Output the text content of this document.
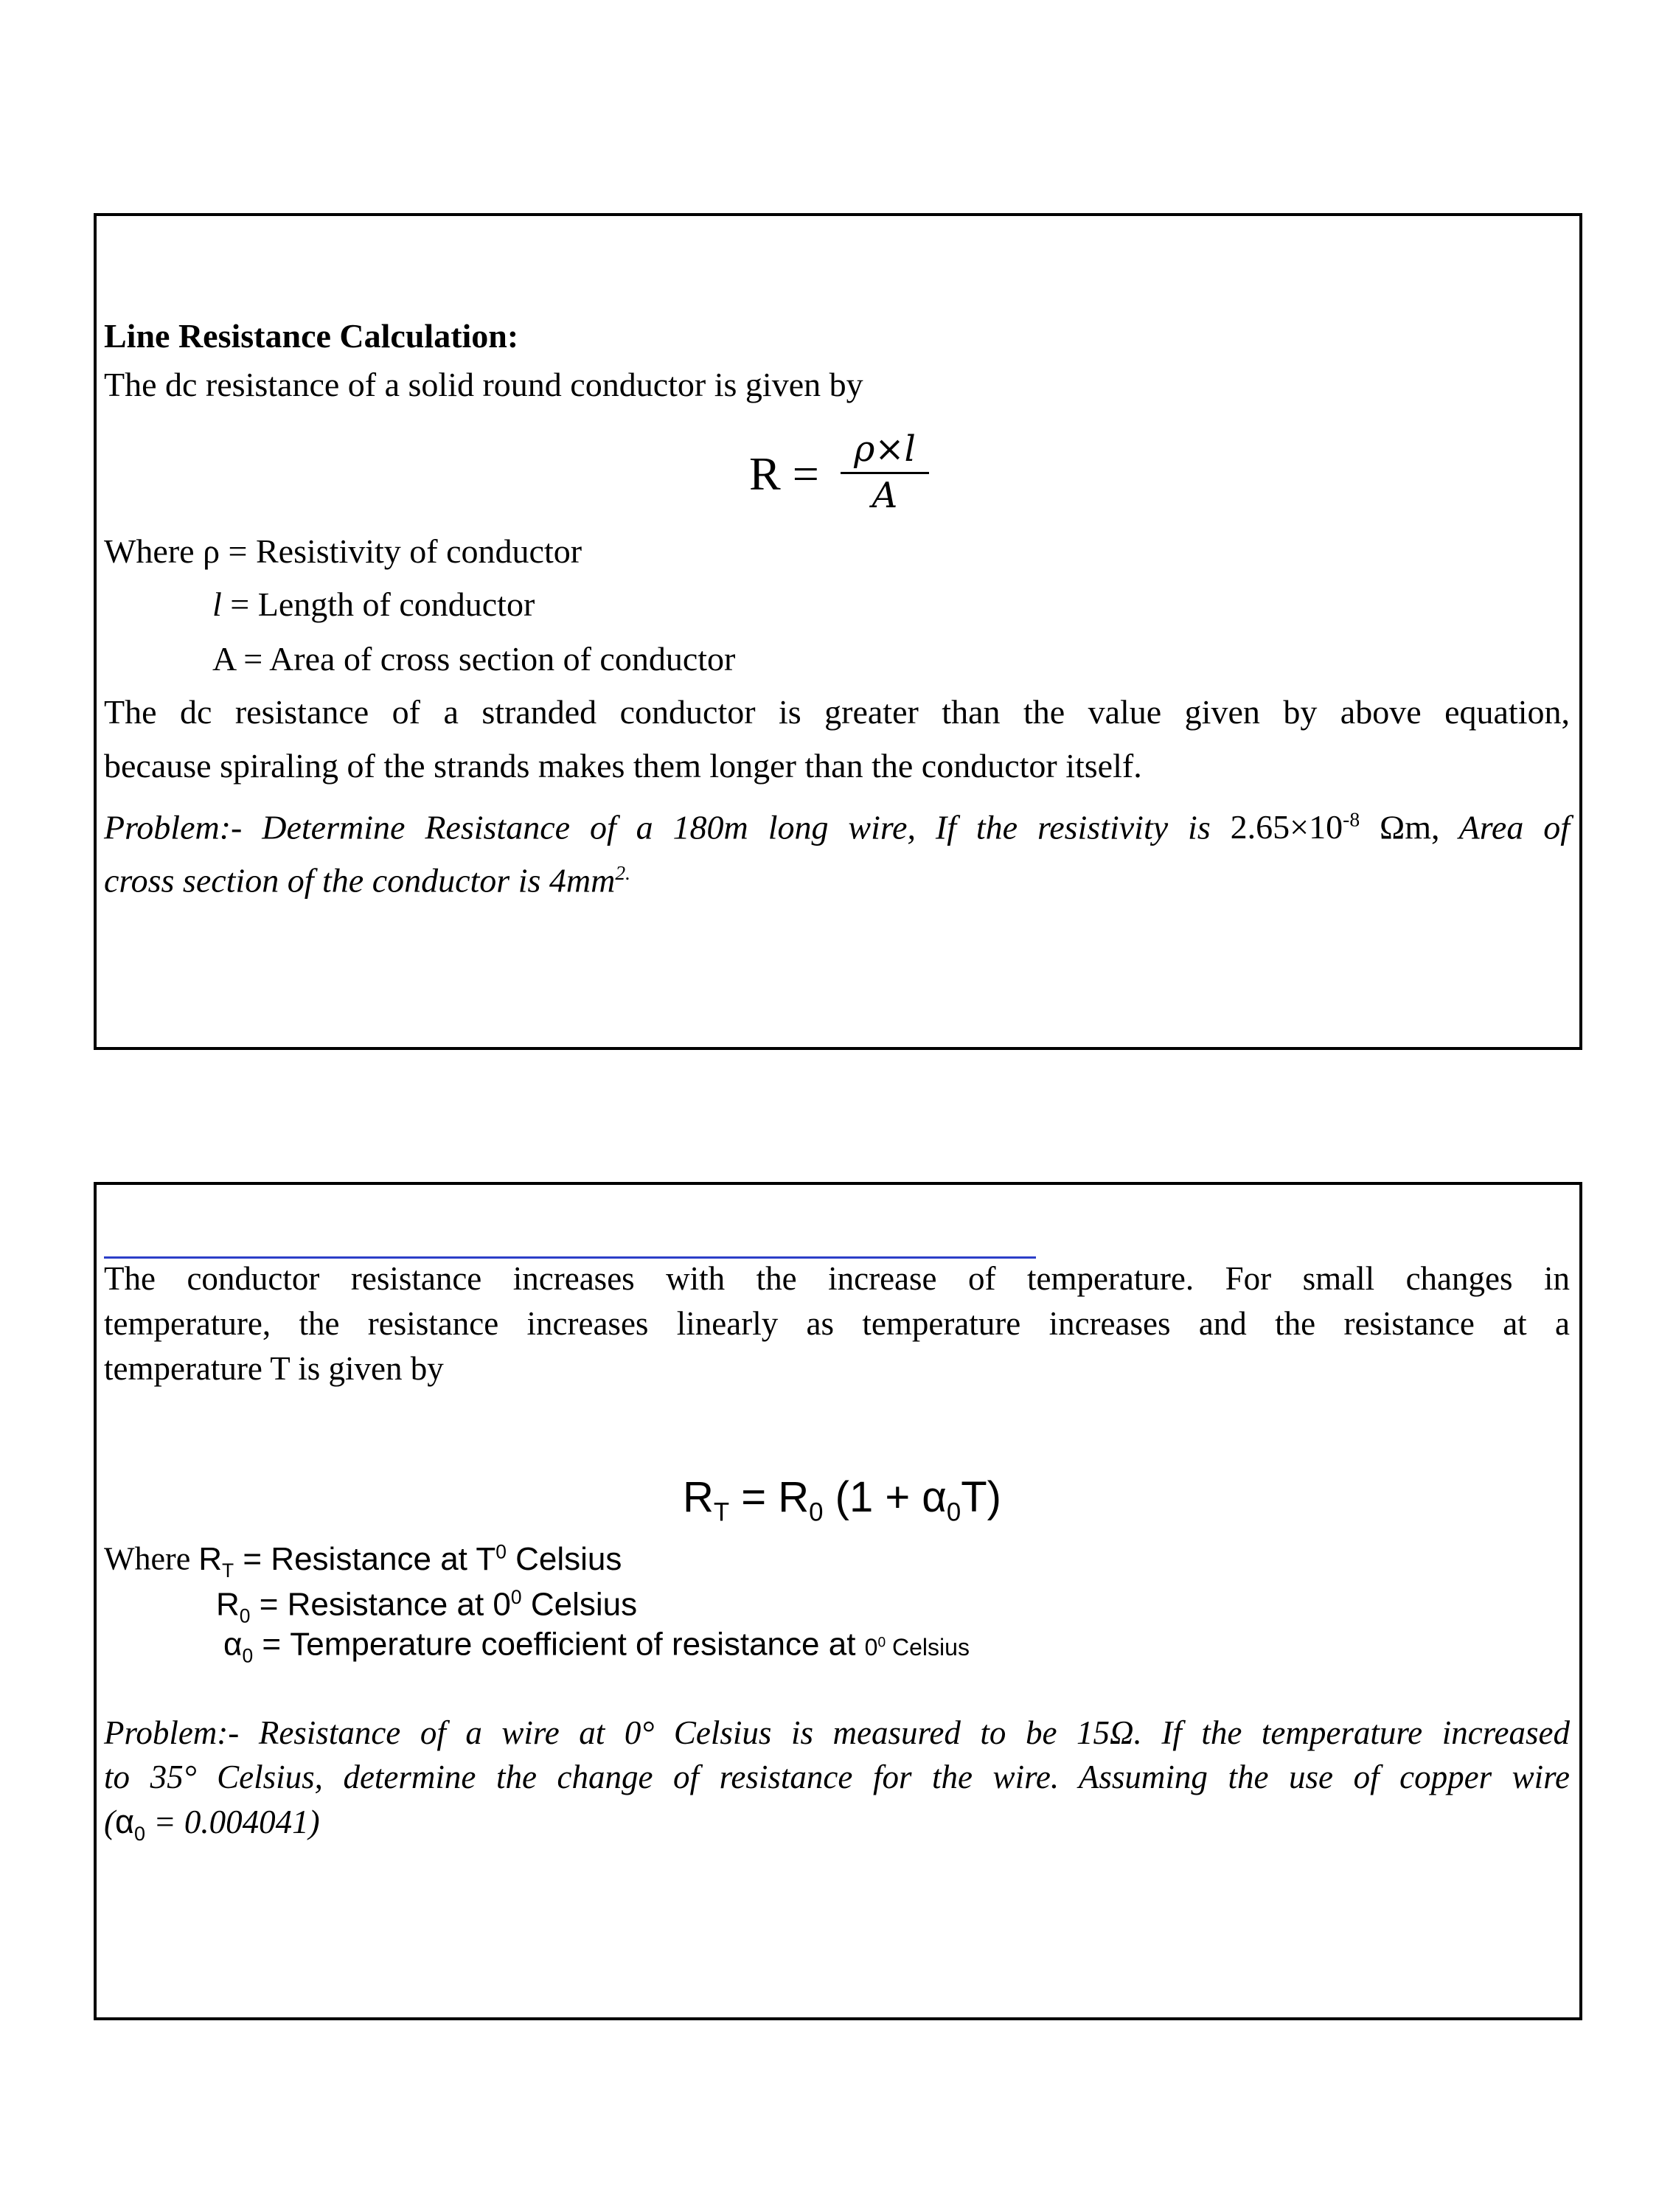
Line Resistance Calculation:
The dc resistance of a solid round conductor is given by
$R = \frac{\rho\times l}{A}$
Where ρ = Resistivity of conductor
l = Length of conductor
A = Area of cross section of conductor
The dc resistance of a stranded conductor is greater than the value given by above equation,
because spiraling of the strands makes them longer than the conductor itself.
Problem:- Determine Resistance of a 180m long wire, If the resistivity is $2.65\times 10^{-8}$ Ωm, Area of
cross section of the conductor is $4mm^{2.}$
The conductor resistance increases with the increase of temperature. For small changes in
temperature, the resistance increases linearly as temperature increases and the resistance at a
temperature T is given by
$R_T = R_0$ $(1 + \alpha_0T)$
Where $R_T$ = Resistance at $T^0$ Celsius
$R_0$ = Resistance at $0^0$ Celsius
$\alpha_0$ = Temperature coefficient of resistance at $0^0$ Celsius
Problem:- Resistance of a wire at 0° Celsius is measured to be 15Ω. If the temperature increased
to 35° Celsius, determine the change of resistance for the wire. Assuming the use of copper wire
$(\alpha_0 = 0.004041)$
